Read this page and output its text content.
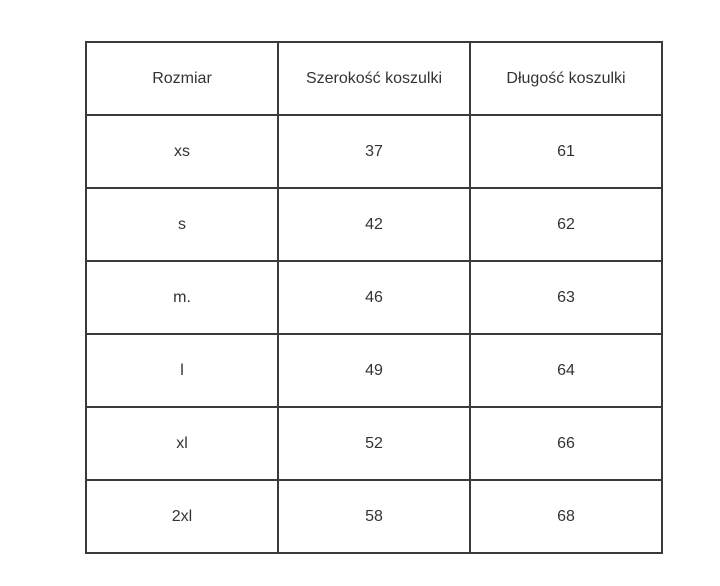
Rozmiar	Szerokość koszulki	Długość koszulki
xs	37	61
s	42	62
m.	46	63
l	49	64
xl	52	66
2xl	58	68
